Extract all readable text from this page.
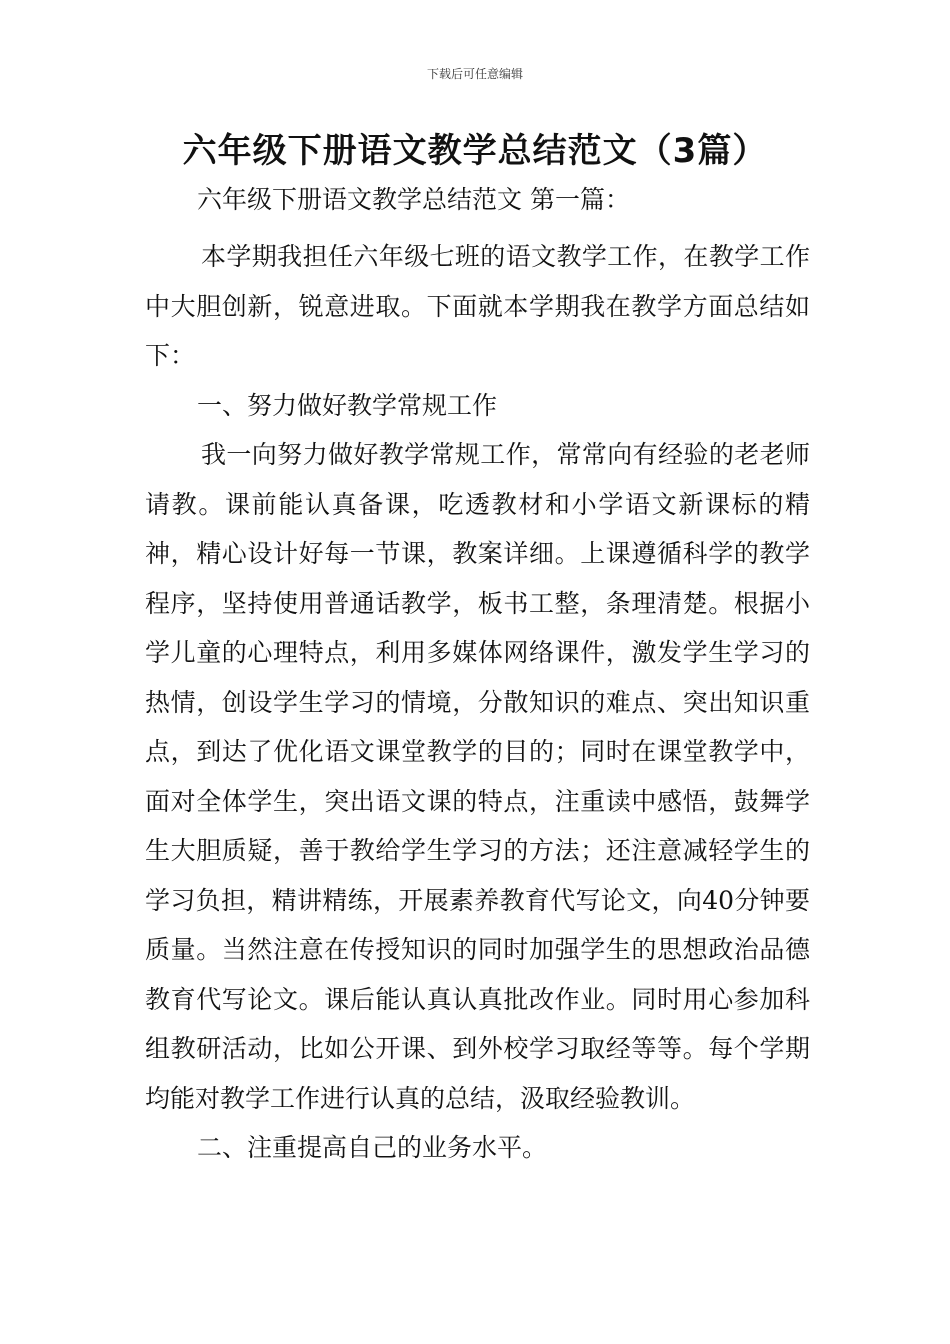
下载后可任意编辑
六年级下册语文教学总结范文（3篇）

六年级下册语文教学总结范文 第一篇：

本学期我担任六年级七班的语文教学工作，在教学工作中大胆创新，锐意进取。下面就本学期我在教学方面总结如下：

一、努力做好教学常规工作

我一向努力做好教学常规工作，常常向有经验的老老师请教。课前能认真备课，吃透教材和小学语文新课标的精神，精心设计好每一节课，教案详细。上课遵循科学的教学程序，坚持使用普通话教学，板书工整，条理清楚。根据小学儿童的心理特点，利用多媒体网络课件，激发学生学习的热情，创设学生学习的情境，分散知识的难点、突出知识重点，到达了优化语文课堂教学的目的；同时在课堂教学中，面对全体学生，突出语文课的特点，注重读中感悟，鼓舞学生大胆质疑，善于教给学生学习的方法；还注意减轻学生的学习负担，精讲精练，开展素养教育代写论文，向40分钟要质量。当然注意在传授知识的同时加强学生的思想政治品德教育代写论文。课后能认真认真批改作业。同时用心参加科组教研活动，比如公开课、到外校学习取经等等。每个学期均能对教学工作进行认真的总结，汲取经验教训。

二、注重提高自己的业务水平。
